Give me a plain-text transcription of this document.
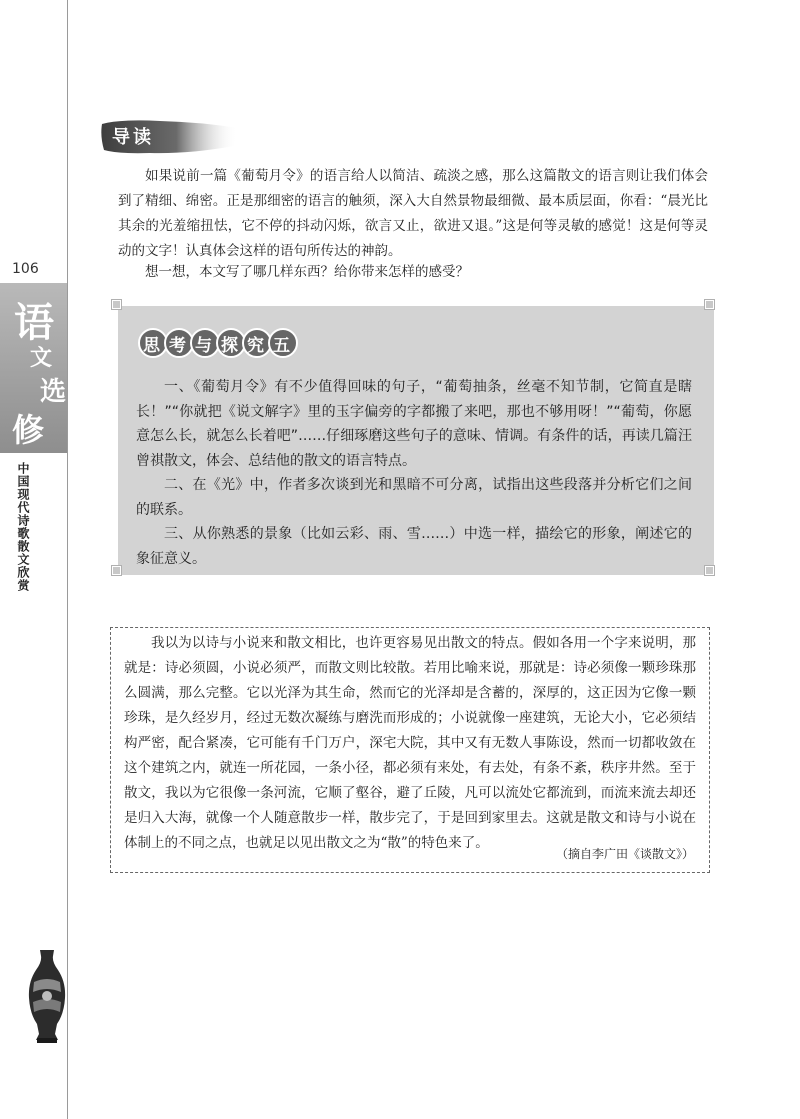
106
语
文
选
修
中国现代诗歌散文欣赏
导读

如果说前一篇《葡萄月令》的语言给人以简洁、疏淡之感，那么这篇散文的语言则让我们体会到了精细、绵密。正是那细密的语言的触须，深入大自然景物最细微、最本质层面，你看：“晨光比其余的光羞缩扭怯，它不停的抖动闪烁，欲言又止，欲进又退。”这是何等灵敏的感觉！这是何等灵动的文字！认真体会这样的语句所传达的神韵。

想一想，本文写了哪几样东西？给你带来怎样的感受？

思 考 与 探 究 五

一、《葡萄月令》有不少值得回味的句子，“葡萄抽条，丝毫不知节制，它简直是瞎长！”“你就把《说文解字》里的玉字偏旁的字都搬了来吧，那也不够用呀！”“葡萄，你愿意怎么长，就怎么长着吧”……仔细琢磨这些句子的意味、情调。有条件的话，再读几篇汪曾祺散文，体会、总结他的散文的语言特点。

二、在《光》中，作者多次谈到光和黑暗不可分离，试指出这些段落并分析它们之间的联系。

三、从你熟悉的景象（比如云彩、雨、雪……）中选一样，描绘它的形象，阐述它的象征意义。

我以为以诗与小说来和散文相比，也许更容易见出散文的特点。假如各用一个字来说明，那就是：诗必须圆，小说必须严，而散文则比较散。若用比喻来说，那就是：诗必须像一颗珍珠那么圆满，那么完整。它以光泽为其生命，然而它的光泽却是含蓄的，深厚的，这正因为它像一颗珍珠，是久经岁月，经过无数次凝练与磨洗而形成的；小说就像一座建筑，无论大小，它必须结构严密，配合紧凑，它可能有千门万户，深宅大院，其中又有无数人事陈设，然而一切都收敛在这个建筑之内，就连一所花园，一条小径，都必须有来处，有去处，有条不紊，秩序井然。至于散文，我以为它很像一条河流，它顺了壑谷，避了丘陵，凡可以流处它都流到，而流来流去却还是归入大海，就像一个人随意散步一样，散步完了，于是回到家里去。这就是散文和诗与小说在体制上的不同之点，也就足以见出散文之为“散”的特色来了。

（摘自李广田《谈散文》）
